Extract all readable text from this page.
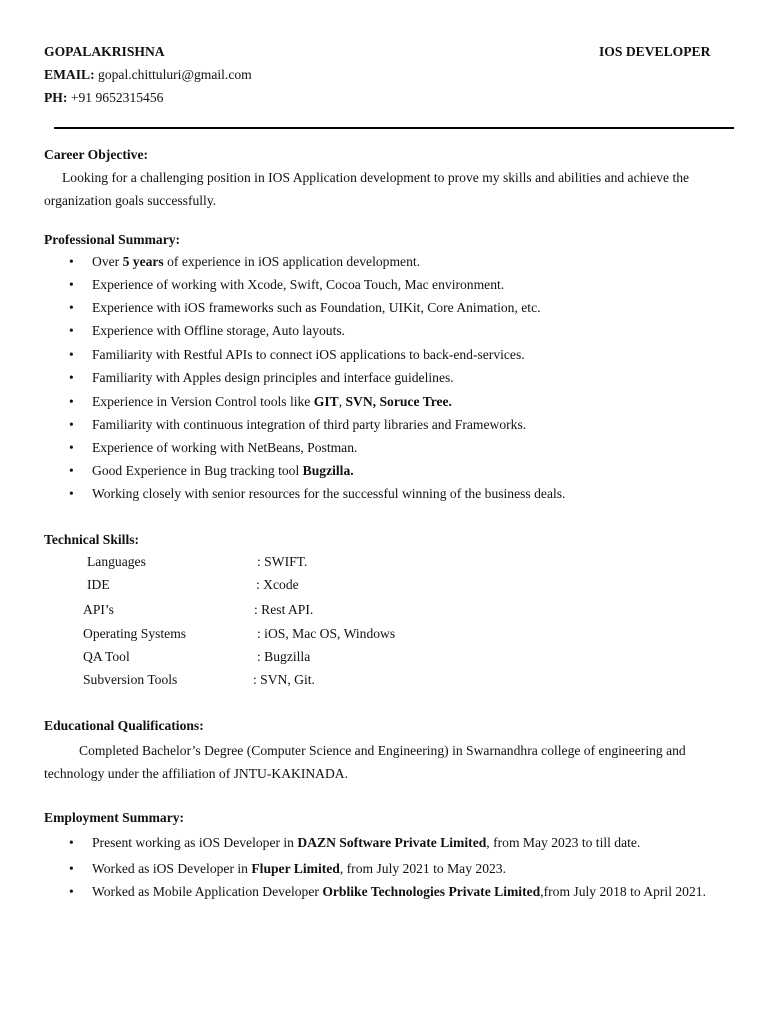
GOPALAKRISHNA	IOS DEVELOPER
EMAIL: gopal.chittuluri@gmail.com
PH: +91 9652315456
Career Objective:
Looking for a challenging position in IOS Application development to prove my skills and abilities and achieve the organization goals successfully.
Professional Summary:
• Over 5 years of experience in iOS application development.
• Experience of working with Xcode, Swift, Cocoa Touch, Mac environment.
• Experience with iOS frameworks such as Foundation, UIKit, Core Animation, etc.
• Experience with Offline storage, Auto layouts.
• Familiarity with Restful APIs to connect iOS applications to back-end-services.
• Familiarity with Apples design principles and interface guidelines.
• Experience in Version Control tools like GIT, SVN, Soruce Tree.
• Familiarity with continuous integration of third party libraries and Frameworks.
• Experience of working with NetBeans, Postman.
• Good Experience in Bug tracking tool Bugzilla.
• Working closely with senior resources for the successful winning of the business deals.
Technical Skills:
Languages	: SWIFT.
IDE	: Xcode
API’s	: Rest API.
Operating Systems	: iOS, Mac OS, Windows
QA Tool	: Bugzilla
Subversion Tools	: SVN, Git.
Educational Qualifications:
Completed Bachelor’s Degree (Computer Science and Engineering) in Swarnandhra college of engineering and technology under the affiliation of JNTU-KAKINADA.
Employment Summary:
• Present working as iOS Developer in DAZN Software Private Limited, from May 2023 to till date.
• Worked as iOS Developer in Fluper Limited, from July 2021 to May 2023.
• Worked as Mobile Application Developer Orblike Technologies Private Limited,from July 2018 to April 2021.
